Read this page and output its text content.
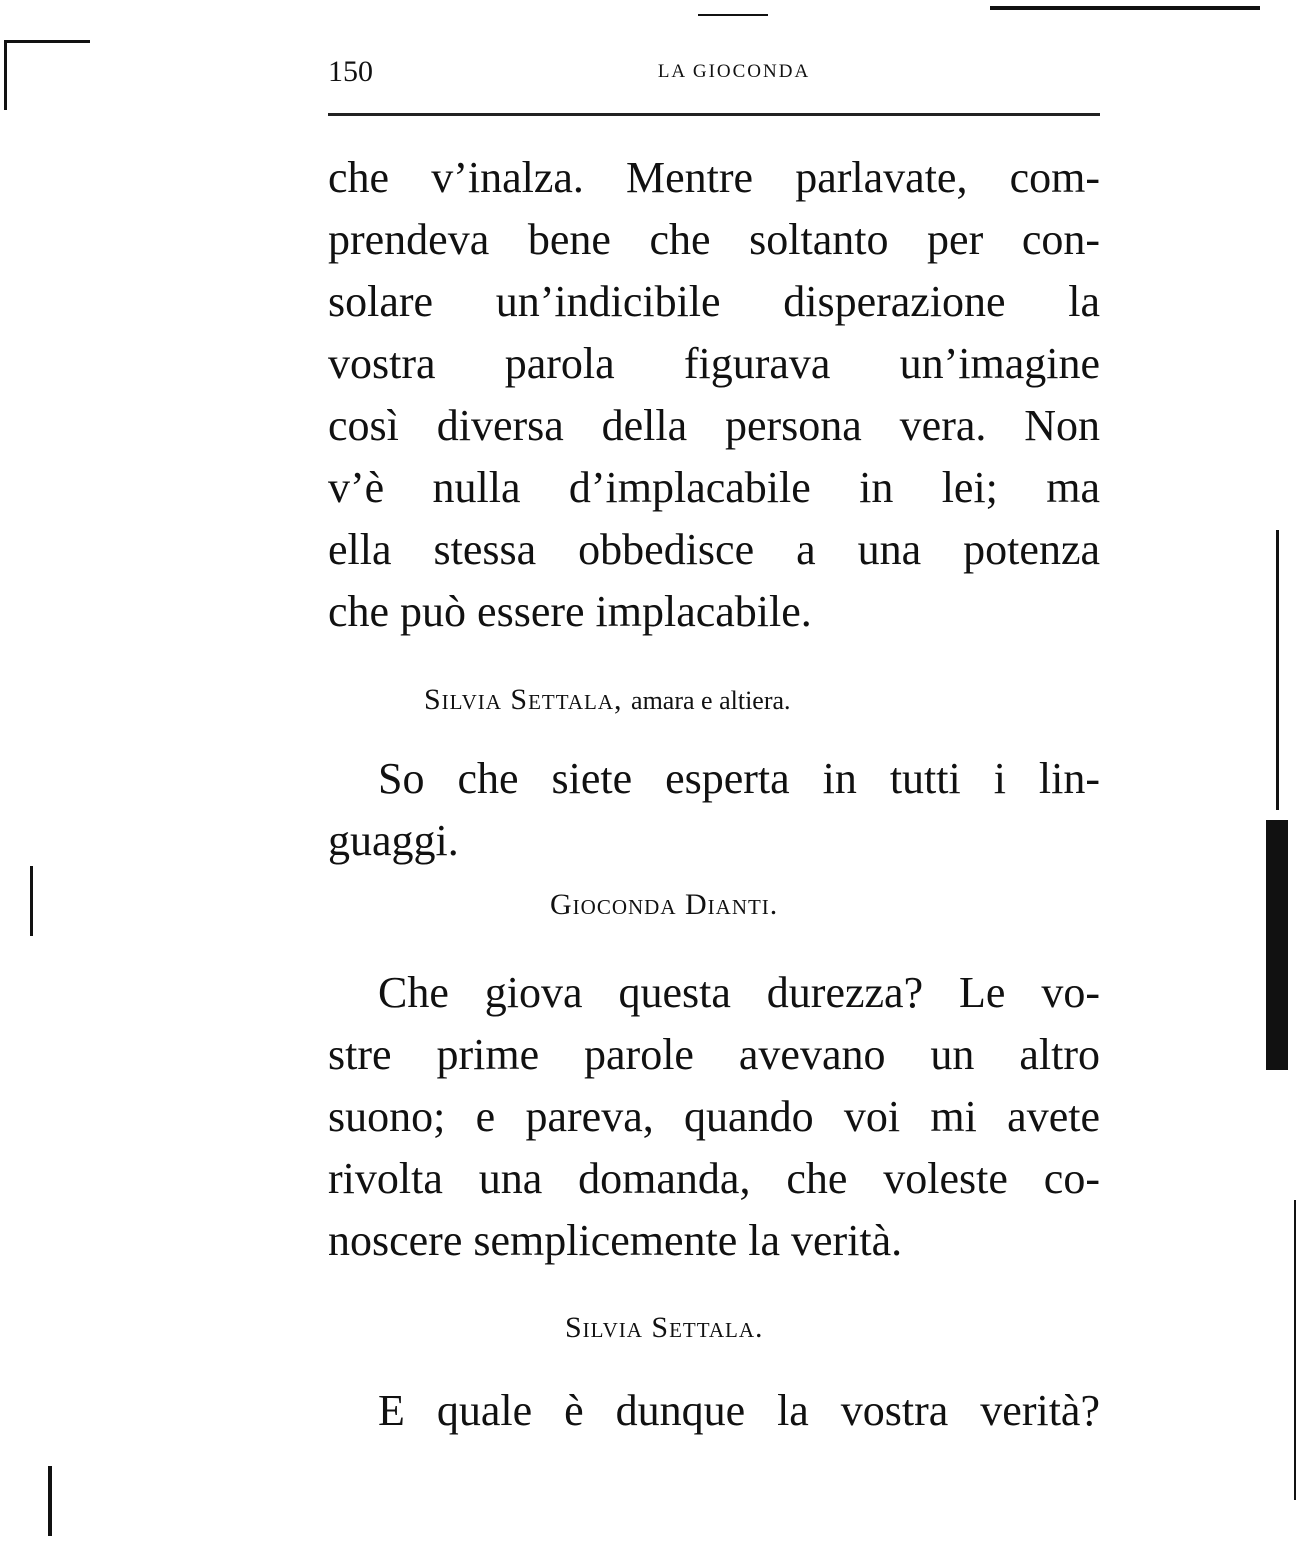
150	LA GIOCONDA

che v’inalza. Mentre parlavate, com-
prendeva bene che soltanto per con-
solare un’indicibile disperazione la
vostra parola figurava un’imagine
così diversa della persona vera. Non
v’è nulla d’implacabile in lei; ma
ella stessa obbedisce a una potenza
che può essere implacabile.

Silvia Settala, amara e altiera.

So che siete esperta in tutti i lin-
guaggi.

Gioconda Dianti.

Che giova questa durezza? Le vo-
stre prime parole avevano un altro
suono; e pareva, quando voi mi avete
rivolta una domanda, che voleste co-
noscere semplicemente la verità.

Silvia Settala.

E quale è dunque la vostra verità?
